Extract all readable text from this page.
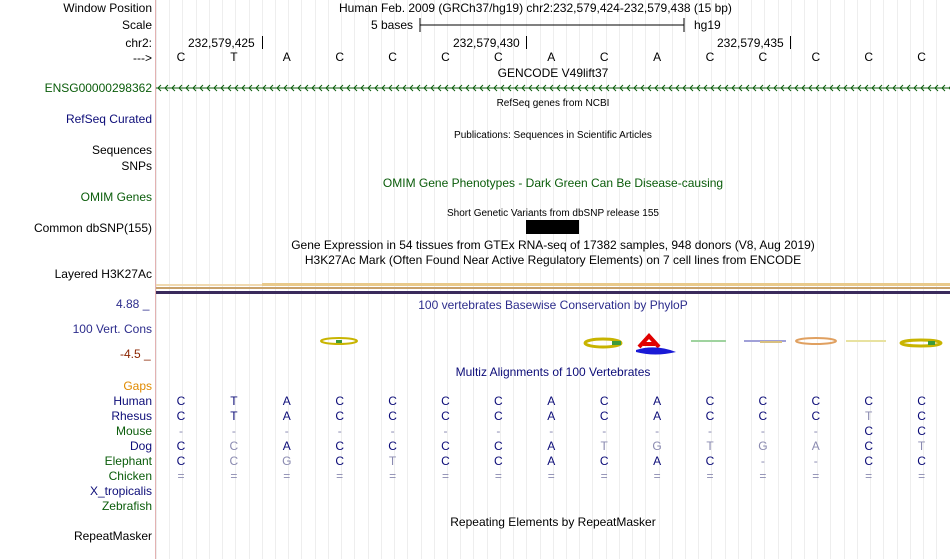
Window Position	Human Feb. 2009 (GRCh37/hg19) chr2:232,579,424-232,579,438 (15 bp)
Scale	5 bases	hg19
chr2:	232,579,425	232,579,430	232,579,435
--->	C	T	A	C	C	C	C	A	C	A	C	C	C	C	C
GENCODE V49lift37
ENSG00000298362
RefSeq genes from NCBI
RefSeq Curated
Publications: Sequences in Scientific Articles
Sequences
SNPs
OMIM Gene Phenotypes - Dark Green Can Be Disease-causing
OMIM Genes
Short Genetic Variants from dbSNP release 155
Common dbSNP(155)
Gene Expression in 54 tissues from GTEx RNA-seq of 17382 samples, 948 donors (V8, Aug 2019)
H3K27Ac Mark (Often Found Near Active Regulatory Elements) on 7 cell lines from ENCODE
Layered H3K27Ac
4.88 _	100 vertebrates Basewise Conservation by PhyloP
100 Vert. Cons
-4.5 _
Multiz Alignments of 100 Vertebrates
Gaps
Human	C	T	A	C	C	C	C	A	C	A	C	C	C	C	C
Rhesus	C	T	A	C	C	C	C	A	C	A	C	C	C	T	C
Mouse	-	-	-	-	-	-	-	-	-	-	-	-	-	C	C
Dog	C	C	A	C	C	C	C	A	T	G	T	G	A	C	T
Elephant	C	C	G	C	T	C	C	A	C	A	C	-	-	C	C
Chicken	=	=	=	=	=	=	=	=	=	=	=	=	=	=	=
X_tropicalis
Zebrafish
Repeating Elements by RepeatMasker
RepeatMasker
